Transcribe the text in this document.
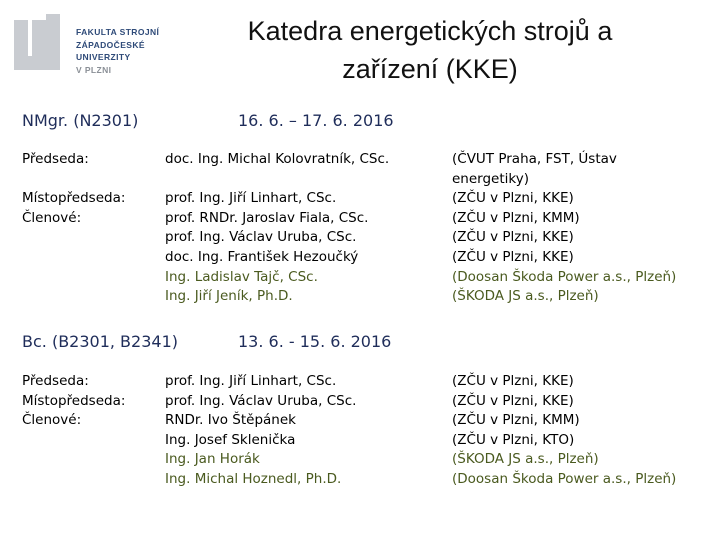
FAKULTA STROJNÍ
ZÁPADOČESKÉ
UNIVERZITY
V PLZNI
Katedra energetických strojů a
zařízení (KKE)
NMgr. (N2301)	16. 6. – 17. 6. 2016
Předseda:

Místopředseda:
Členové:
doc. Ing. Michal Kolovratník, CSc.

prof. Ing. Jiří Linhart, CSc.
prof. RNDr. Jaroslav Fiala, CSc.
prof. Ing. Václav Uruba, CSc.
doc. Ing. František Hezoučký
Ing. Ladislav Tajč, CSc.
Ing. Jiří Jeník, Ph.D.
(ČVUT Praha, FST, Ústav
energetiky)
(ZČU v Plzni, KKE)
(ZČU v Plzni, KMM)
(ZČU v Plzni, KKE)
(ZČU v Plzni, KKE)
(Doosan Škoda Power a.s., Plzeň)
(ŠKODA JS a.s., Plzeň)
Bc. (B2301, B2341)	13. 6. - 15. 6. 2016
Předseda:
Místopředseda:
Členové:
prof. Ing. Jiří Linhart, CSc.
prof. Ing. Václav Uruba, CSc.
RNDr. Ivo Štěpánek
Ing. Josef Sklenička
Ing. Jan Horák
Ing. Michal Hoznedl, Ph.D.
(ZČU v Plzni, KKE)
(ZČU v Plzni, KKE)
(ZČU v Plzni, KMM)
(ZČU v Plzni, KTO)
(ŠKODA JS a.s., Plzeň)
(Doosan Škoda Power a.s., Plzeň)
